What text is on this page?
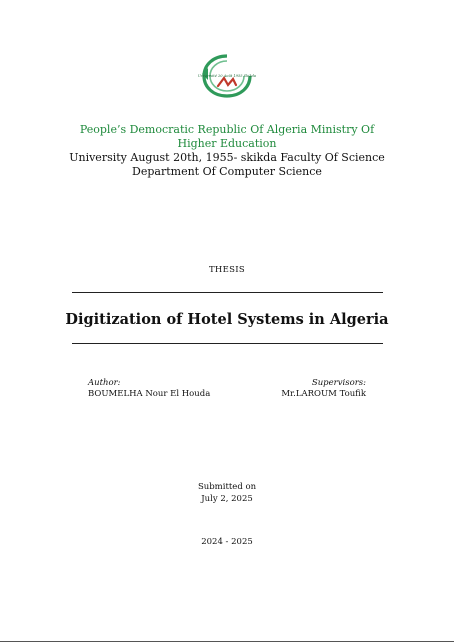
Université 20 Août 1955 Skikda
People’s Democratic Republic Of Algeria Ministry Of Higher Education
University August 20th, 1955- skikda Faculty Of Science Department Of Computer Science
THESIS
Digitization of Hotel Systems in Algeria
Author:
BOUMELHA Nour El Houda
Supervisors:
Mr.LAROUM Toufik
Submitted on
July 2, 2025
2024 - 2025
